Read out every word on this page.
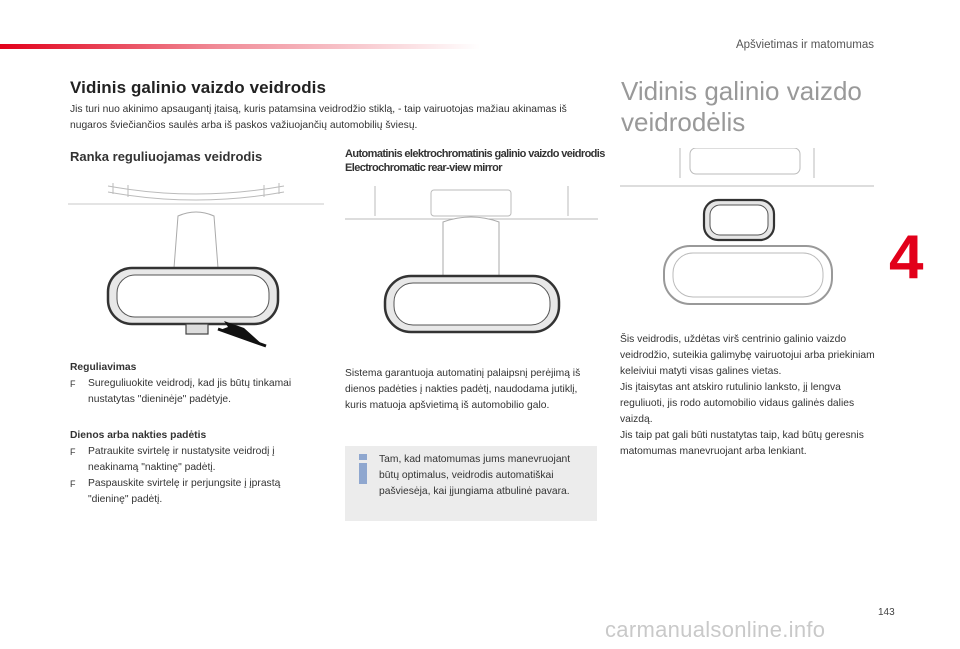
Apšvietimas ir matomumas
4
Vidinis galinio vaizdo veidrodis
Jis turi nuo akinimo apsaugantį įtaisą, kuris patamsina veidrodžio stiklą, - taip vairuotojas mažiau akinamas iš nugaros šviečiančios saulės arba iš paskos važiuojančių automobilių šviesų.
Ranka reguliuojamas veidrodis	Automatinis elektrochromatinis galinio vaizdo veidrodis Electrochromatic rear-view mirror
Vidinis galinio vaizdo veidrodėlis
Reguliavimas
F Sureguliuokite veidrodį, kad jis būtų tinkamai nustatytas "dieninėje" padėtyje.
Dienos arba nakties padėtis
F Patraukite svirtelę ir nustatysite veidrodį į neakinamą "naktinę" padėtį.
F Paspauskite svirtelę ir perjungsite į įprastą "dieninę" padėtį.
Sistema garantuoja automatinį palaipsnį perėjimą iš dienos padėties į nakties padėtį, naudodama jutiklį, kuris matuoja apšvietimą iš automobilio galo.
Tam, kad matomumas jums manevruojant būtų optimalus, veidrodis automatiškai pašviesėja, kai įjungiama atbulinė pavara.
Šis veidrodis, uždėtas virš centrinio galinio vaizdo veidrodžio, suteikia galimybę vairuotojui arba priekiniam keleiviui matyti visas galines vietas.
Jis įtaisytas ant atskiro rutulinio lankstо, jį lengva reguliuoti, jis rodo automobilio vidaus galinės dalies vaizdą.
Jis taip pat gali būti nustatytas taip, kad būtų geresnis matomumas manevruojant arba lenkiant.
143
carmanualsonline.info
